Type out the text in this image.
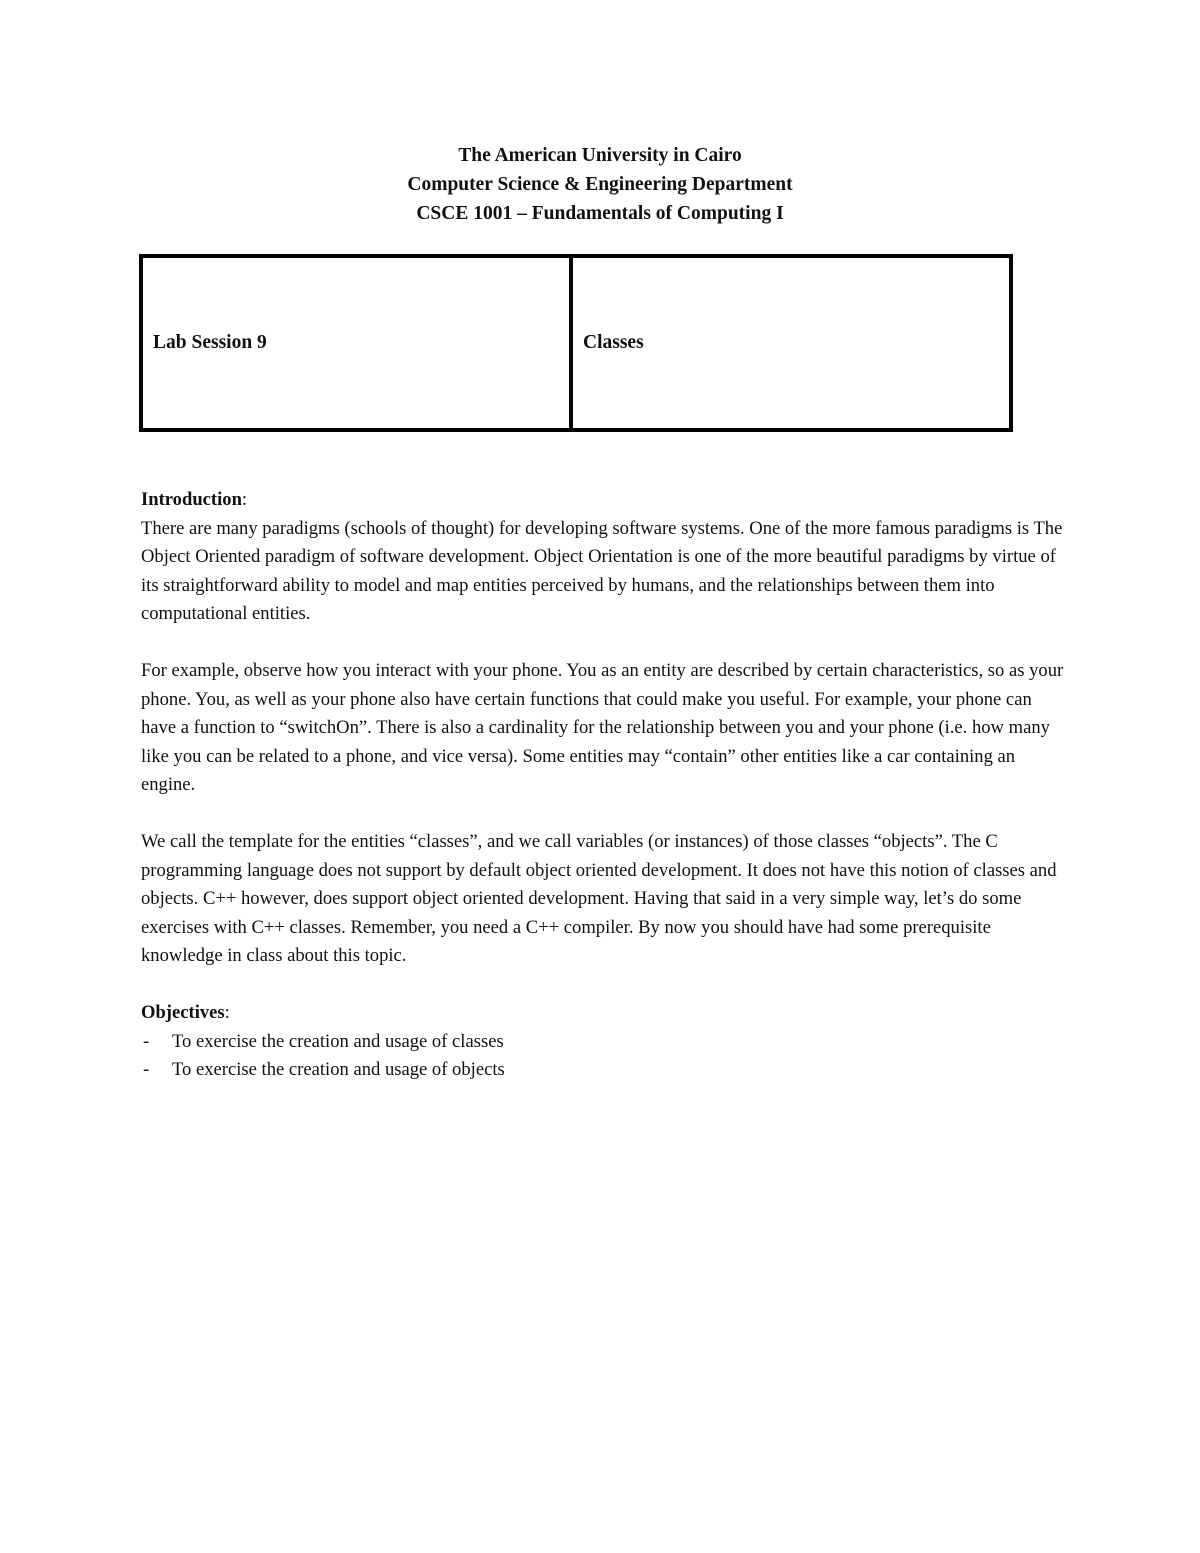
The American University in Cairo
Computer Science & Engineering Department
CSCE 1001 – Fundamentals of Computing I
Lab Session 9	Classes
Introduction:

There are many paradigms (schools of thought) for developing software systems. One of the more famous paradigms is The Object Oriented paradigm of software development. Object Orientation is one of the more beautiful paradigms by virtue of its straightforward ability to model and map entities perceived by humans, and the relationships between them into computational entities.

For example, observe how you interact with your phone. You as an entity are described by certain characteristics, so as your phone. You, as well as your phone also have certain functions that could make you useful. For example, your phone can have a function to “switchOn”. There is also a cardinality for the relationship between you and your phone (i.e. how many like you can be related to a phone, and vice versa). Some entities may “contain” other entities like a car containing an engine.

We call the template for the entities “classes”, and we call variables (or instances) of those classes “objects”. The C programming language does not support by default object oriented development. It does not have this notion of classes and objects. C++ however, does support object oriented development. Having that said in a very simple way, let’s do some exercises with C++ classes. Remember, you need a C++ compiler. By now you should have had some prerequisite knowledge in class about this topic.

Objectives:
- To exercise the creation and usage of classes
- To exercise the creation and usage of objects
